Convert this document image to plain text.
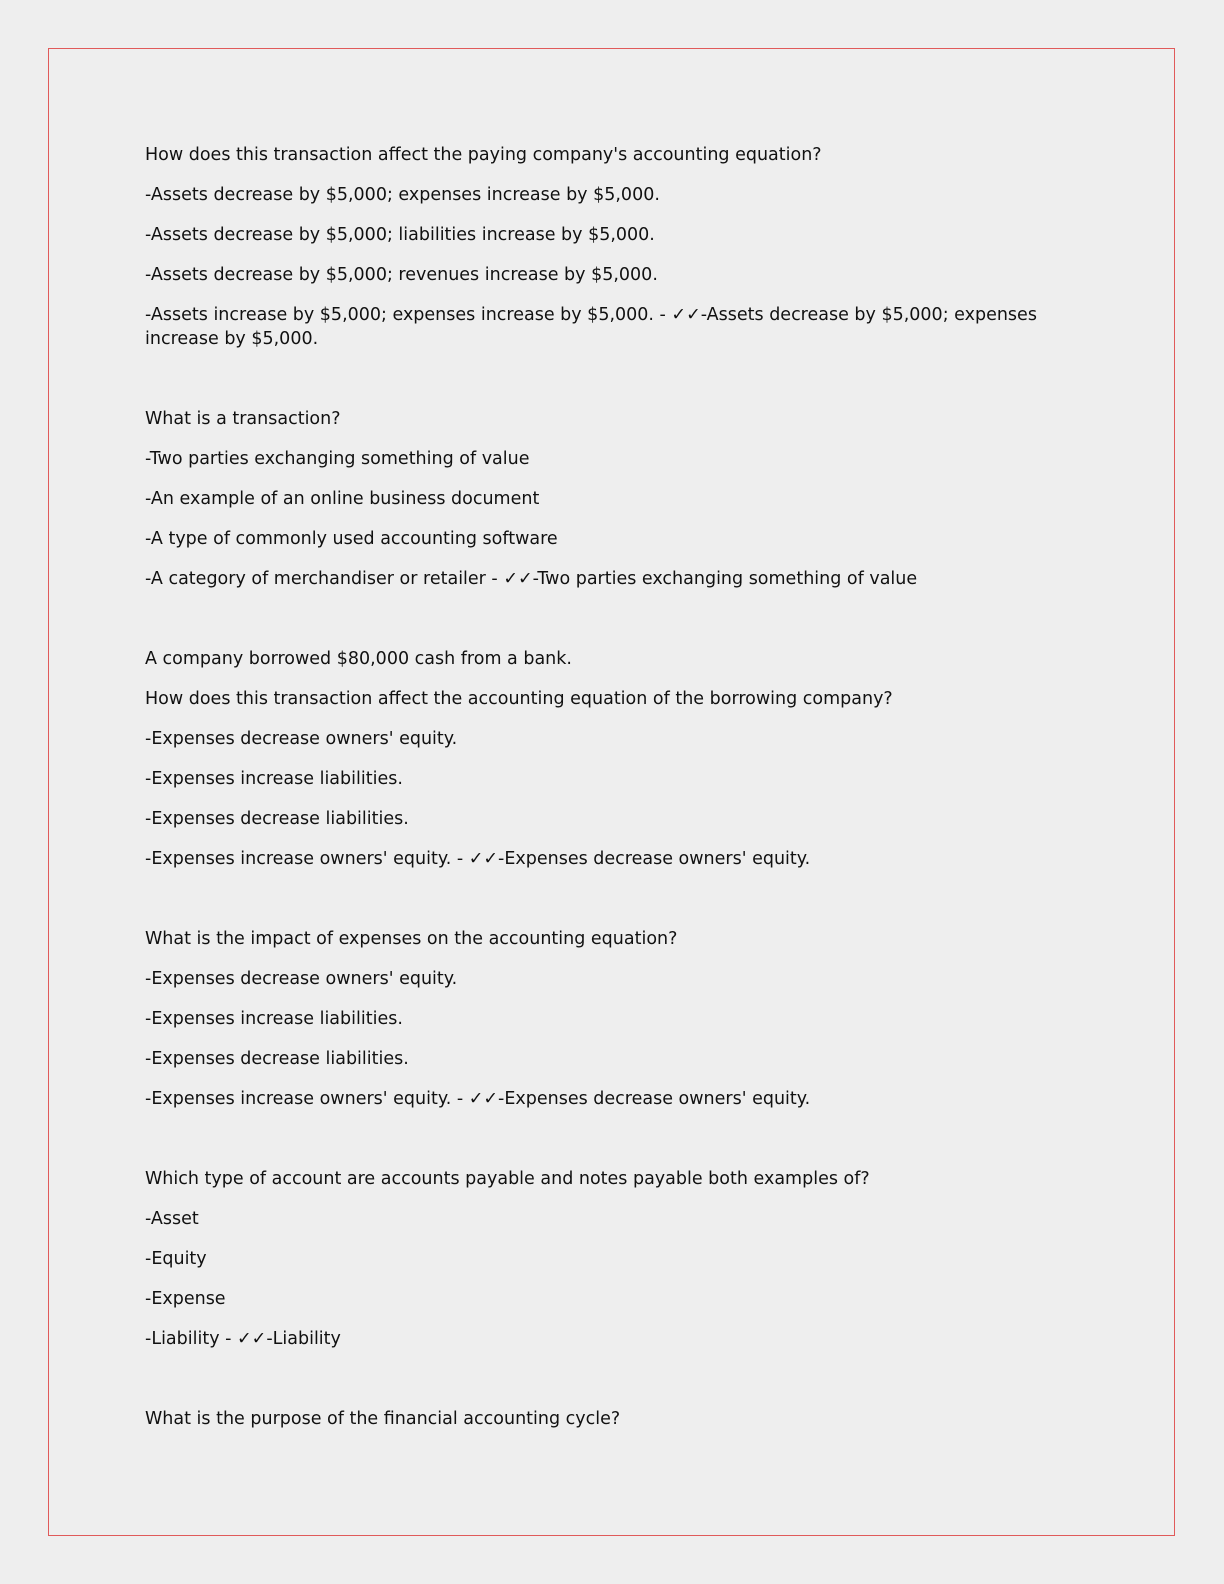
How does this transaction affect the paying company's accounting equation?

-Assets decrease by $5,000; expenses increase by $5,000.

-Assets decrease by $5,000; liabilities increase by $5,000.

-Assets decrease by $5,000; revenues increase by $5,000.

-Assets increase by $5,000; expenses increase by $5,000. - ✓✓-Assets decrease by $5,000; expenses increase by $5,000.

What is a transaction?

-Two parties exchanging something of value

-An example of an online business document

-A type of commonly used accounting software

-A category of merchandiser or retailer - ✓✓-Two parties exchanging something of value

A company borrowed $80,000 cash from a bank.

How does this transaction affect the accounting equation of the borrowing company?

-Expenses decrease owners' equity.

-Expenses increase liabilities.

-Expenses decrease liabilities.

-Expenses increase owners' equity. - ✓✓-Expenses decrease owners' equity.

What is the impact of expenses on the accounting equation?

-Expenses decrease owners' equity.

-Expenses increase liabilities.

-Expenses decrease liabilities.

-Expenses increase owners' equity. - ✓✓-Expenses decrease owners' equity.

Which type of account are accounts payable and notes payable both examples of?

-Asset

-Equity

-Expense

-Liability - ✓✓-Liability

What is the purpose of the financial accounting cycle?
